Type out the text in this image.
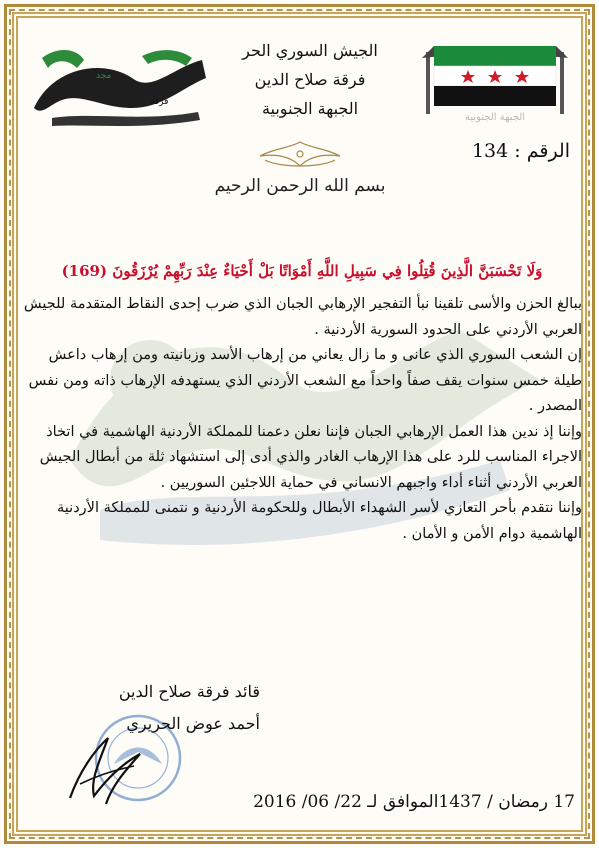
الجبهة الجنوبية
مجد
فرقة
الجيش السوري الحر
فرقة صلاح الدين
الجبهة الجنوبية
بسم الله الرحمن الرحيم
الرقم : 134
وَلَا تَحْسَبَنَّ الَّذِينَ قُتِلُوا فِي سَبِيلِ اللَّهِ أَمْوَاتًا بَلْ أَحْيَاءٌ عِنْدَ رَبِّهِمْ يُرْزَقُونَ (169)

ببالغ الحزن والأسى تلقينا نبأ التفجير الإرهابي الجبان الذي ضرب إحدى النقاط المتقدمة للجيش العربي الأردني على الحدود السورية الأردنية .

إن الشعب السوري الذي عانى و ما زال يعاني من إرهاب الأسد وزبانيته ومن إرهاب داعش طيلة خمس سنوات يقف صفاً واحداً مع الشعب الأردني الذي يستهدفه الإرهاب ذاته ومن نفس المصدر .

وإننا إذ ندين هذا العمل الإرهابي الجبان فإننا نعلن دعمنا للمملكة الأردنية الهاشمية في اتخاذ الاجراء المناسب للرد على هذا الإرهاب الغادر والذي أدى إلى استشهاد ثلة من أبطال الجيش العربي الأردني أثناء أداء واجبهم الانساني في حماية اللاجئين السوريين .

وإننا نتقدم بأحر التعازي لأسر الشهداء الأبطال وللحكومة الأردنية و نتمنى للمملكة الأردنية الهاشمية دوام الأمن و الأمان .

قائد فرقة صلاح الدين
أحمد عوض الحريري
17 رمضان / 1437الموافق لـ 22/ 06/ 2016
